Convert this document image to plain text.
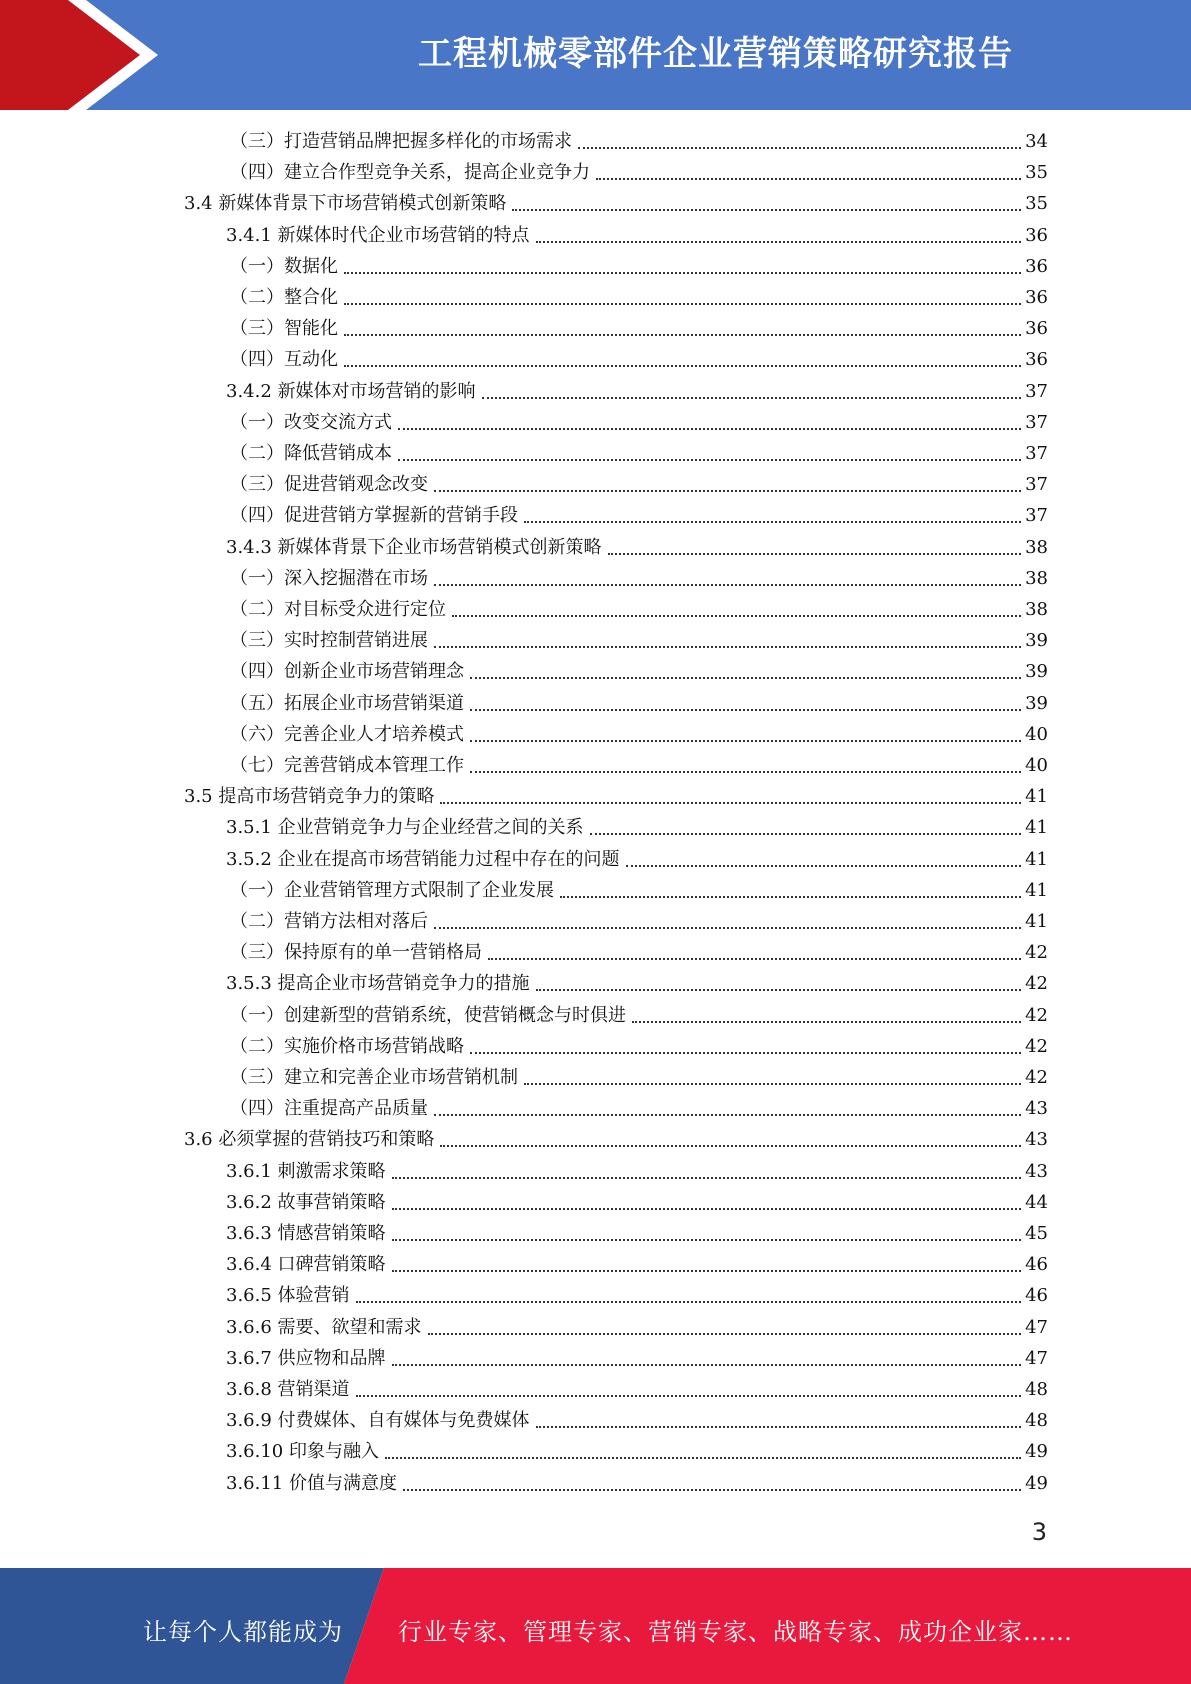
工程机械零部件企业营销策略研究报告
（三）打造营销品牌把握多样化的市场需求	34
（四）建立合作型竞争关系，提高企业竞争力	35
3.4 新媒体背景下市场营销模式创新策略	35
3.4.1 新媒体时代企业市场营销的特点	36
（一）数据化	36
（二）整合化	36
（三）智能化	36
（四）互动化	36
3.4.2 新媒体对市场营销的影响	37
（一）改变交流方式	37
（二）降低营销成本	37
（三）促进营销观念改变	37
（四）促进营销方掌握新的营销手段	37
3.4.3 新媒体背景下企业市场营销模式创新策略	38
（一）深入挖掘潜在市场	38
（二）对目标受众进行定位	38
（三）实时控制营销进展	39
（四）创新企业市场营销理念	39
（五）拓展企业市场营销渠道	39
（六）完善企业人才培养模式	40
（七）完善营销成本管理工作	40
3.5 提高市场营销竞争力的策略	41
3.5.1 企业营销竞争力与企业经营之间的关系	41
3.5.2 企业在提高市场营销能力过程中存在的问题	41
（一）企业营销管理方式限制了企业发展	41
（二）营销方法相对落后	41
（三）保持原有的单一营销格局	42
3.5.3 提高企业市场营销竞争力的措施	42
（一）创建新型的营销系统，使营销概念与时俱进	42
（二）实施价格市场营销战略	42
（三）建立和完善企业市场营销机制	42
（四）注重提高产品质量	43
3.6 必须掌握的营销技巧和策略	43
3.6.1 刺激需求策略	43
3.6.2 故事营销策略	44
3.6.3 情感营销策略	45
3.6.4 口碑营销策略	46
3.6.5 体验营销	46
3.6.6 需要、欲望和需求	47
3.6.7 供应物和品牌	47
3.6.8 营销渠道	48
3.6.9 付费媒体、自有媒体与免费媒体	48
3.6.10 印象与融入	49
3.6.11 价值与满意度	49
3
让每个人都能成为 行业专家、管理专家、营销专家、战略专家、成功企业家……
